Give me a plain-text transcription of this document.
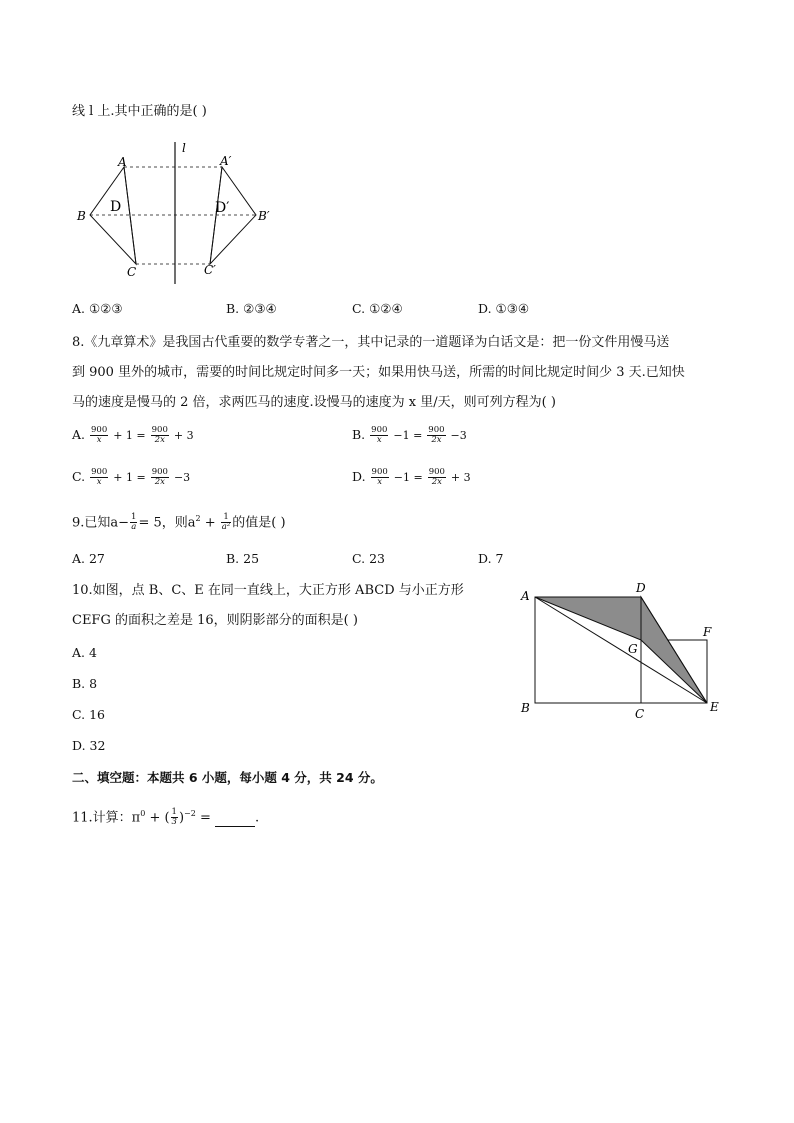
线 l 上.其中正确的是( )
l
A	A′
B	B′
C	C′
D	D′
A. ①②③	B. ②③④	C. ①②④	D. ①③④
8.《九章算术》是我国古代重要的数学专著之一，其中记录的一道题译为白话文是：把一份文件用慢马送
到 900 里外的城市，需要的时间比规定时间多一天；如果用快马送，所需的时间比规定时间少 3 天.已知快
马的速度是慢马的 2 倍，求两匹马的速度.设慢马的速度为 x 里/天，则可列方程为( )
A. $\frac{900}{x} + 1 = \frac{900}{2x} + 3$	B. $\frac{900}{x} -1 = \frac{900}{2x} -3$
C. $\frac{900}{x} + 1 = \frac{900}{2x} -3$	D. $\frac{900}{x} -1 = \frac{900}{2x} + 3$
9.已知$a- \frac{1}{a} = 5$，则$a^2 + \frac{1}{\text{a²}}$ 的值是( )
A. 27	B. 25	C. 23	D. 7
10.如图，点 B、C、E 在同一直线上，大正方形 ABCD 与小正方形
CEFG 的面积之差是 16，则阴影部分的面积是( )
A. 4
B. 8
C. 16
D. 32
A
D
F
G
B	C	E
二、填空题：本题共 6 小题，每小题 4 分，共 24 分。
11.计算：$\pi^0$ + ( $\frac{1}{3} )^{-2}$ =	.
